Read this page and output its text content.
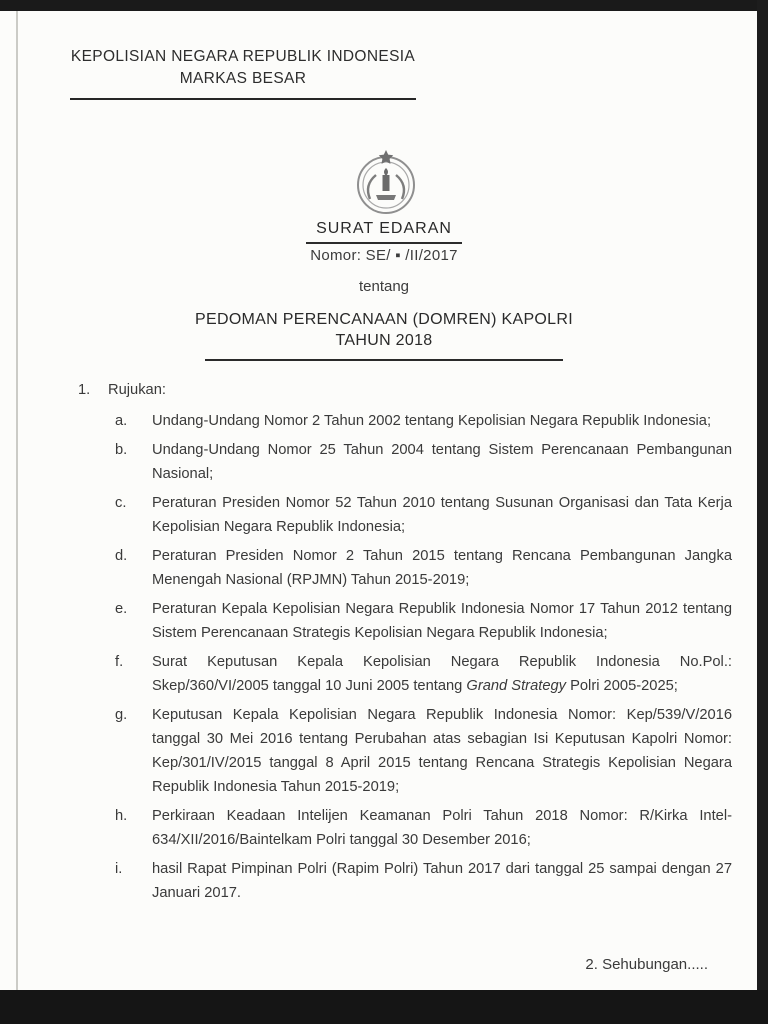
KEPOLISIAN NEGARA REPUBLIK INDONESIA
MARKAS BESAR
SURAT EDARAN
Nomor: SE/ ▪ /II/2017
tentang
PEDOMAN PERENCANAAN (DOMREN) KAPOLRI
TAHUN 2018
1.	Rujukan:
a.	Undang-Undang Nomor 2 Tahun 2002 tentang Kepolisian Negara Republik Indonesia;

b.	Undang-Undang Nomor 25 Tahun 2004 tentang Sistem Perencanaan Pembangunan Nasional;

c.	Peraturan Presiden Nomor 52 Tahun 2010 tentang Susunan Organisasi dan Tata Kerja Kepolisian Negara Republik Indonesia;

d.	Peraturan Presiden Nomor 2 Tahun 2015 tentang Rencana Pembangunan Jangka Menengah Nasional (RPJMN) Tahun 2015-2019;

e.	Peraturan Kepala Kepolisian Negara Republik Indonesia Nomor 17 Tahun 2012 tentang Sistem Perencanaan Strategis Kepolisian Negara Republik Indonesia;

f.	Surat Keputusan Kepala Kepolisian Negara Republik Indonesia No.Pol.: Skep/360/VI/2005 tanggal 10 Juni 2005 tentang Grand Strategy Polri 2005-2025;

g.	Keputusan Kepala Kepolisian Negara Republik Indonesia Nomor: Kep/539/V/2016 tanggal 30 Mei 2016 tentang Perubahan atas sebagian Isi Keputusan Kapolri Nomor: Kep/301/IV/2015 tanggal 8 April 2015 tentang Rencana Strategis Kepolisian Negara Republik Indonesia Tahun 2015-2019;

h.	Perkiraan Keadaan Intelijen Keamanan Polri Tahun 2018 Nomor: R/Kirka Intel- 634/XII/2016/Baintelkam Polri tanggal 30 Desember 2016;

i.	hasil Rapat Pimpinan Polri (Rapim Polri) Tahun 2017 dari tanggal 25 sampai dengan 27 Januari 2017.

2. Sehubungan.....
